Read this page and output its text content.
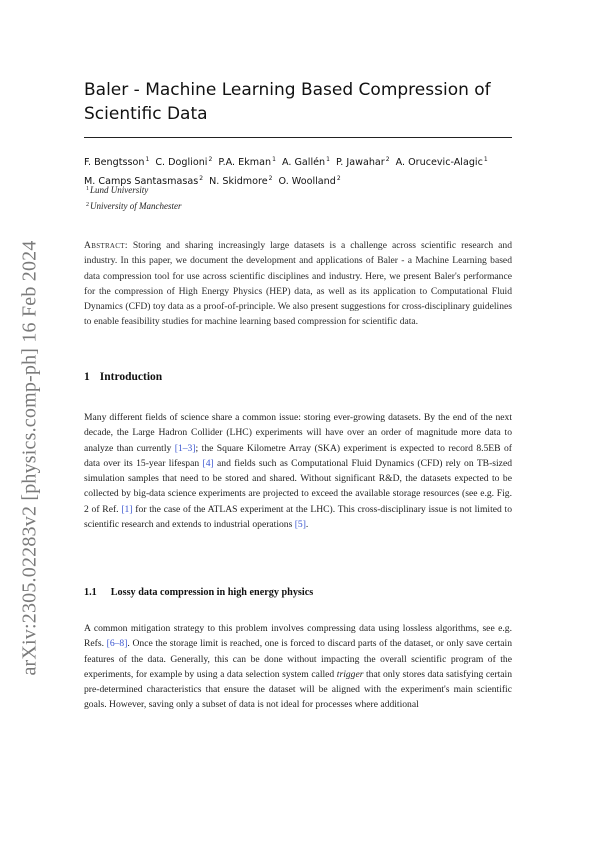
arXiv:2305.02283v2 [physics.comp-ph] 16 Feb 2024
Baler - Machine Learning Based Compression of Scientific Data
F. Bengtsson$^1$ C. Doglioni$^2$ P.A. Ekman$^1$ A. Gallén$^1$ P. Jawahar$^2$ A. Orucevic-Alagic$^1$
M. Camps Santasmasas$^2$ N. Skidmore$^2$ O. Woolland$^2$
$^1$Lund University
$^2$University of Manchester

Abstract: Storing and sharing increasingly large datasets is a challenge across scientific research and industry. In this paper, we document the development and applications of Baler - a Machine Learning based data compression tool for use across scientific disciplines and industry. Here, we present Baler's performance for the compression of High Energy Physics (HEP) data, as well as its application to Computational Fluid Dynamics (CFD) toy data as a proof-of-principle. We also present suggestions for cross-disciplinary guidelines to enable feasibility studies for machine learning based compression for scientific data.

1 Introduction

Many different fields of science share a common issue: storing ever-growing datasets. By the end of the next decade, the Large Hadron Collider (LHC) experiments will have over an order of magnitude more data to analyze than currently [1–3]; the Square Kilometre Array (SKA) experiment is expected to record 8.5EB of data over its 15-year lifespan [4] and fields such as Computational Fluid Dynamics (CFD) rely on TB-sized simulation samples that need to be stored and shared. Without significant R&D, the datasets expected to be collected by big-data science experiments are projected to exceed the available storage resources (see e.g. Fig. 2 of Ref. [1] for the case of the ATLAS experiment at the LHC). This cross-disciplinary issue is not limited to scientific research and extends to industrial operations [5].

1.1 Lossy data compression in high energy physics

A common mitigation strategy to this problem involves compressing data using lossless algorithms, see e.g. Refs. [6–8]. Once the storage limit is reached, one is forced to discard parts of the dataset, or only save certain features of the data. Generally, this can be done without impacting the overall scientific program of the experiments, for example by using a data selection system called trigger that only stores data satisfying certain pre-determined characteristics that ensure the dataset will be aligned with the experiment's main scientific goals. However, saving only a subset of data is not ideal for processes where additional
